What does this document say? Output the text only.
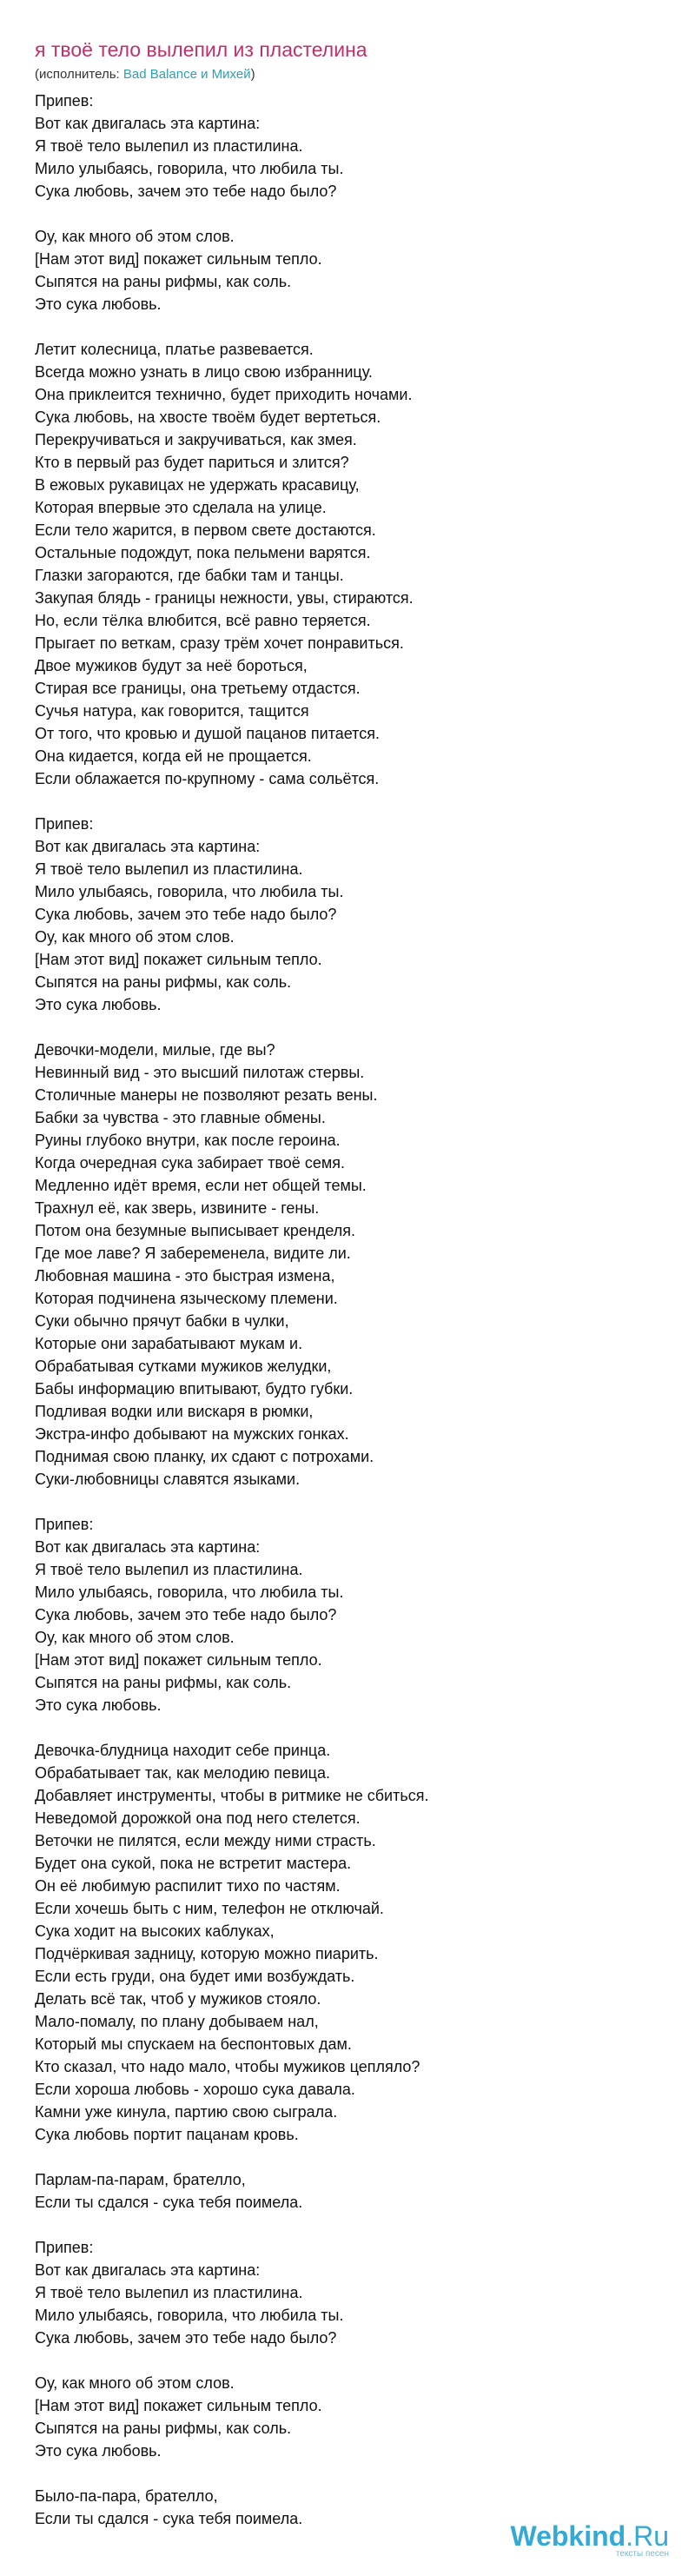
я твоё тело вылепил из пластелина
(исполнитель: Bad Balance и Михей)
Припев:
Вот как двигалась эта картина:
Я твоё тело вылепил из пластилина.
Мило улыбаясь, говорила, что любила ты.
Сука любовь, зачем это тебе надо было?
Оу, как много об этом слов.
[Нам этот вид] покажет сильным тепло.
Сыпятся на раны рифмы, как соль.
Это сука любовь.
Летит колесница, платье развевается.
Всегда можно узнать в лицо свою избранницу.
Она приклеится технично, будет приходить ночами.
Сука любовь, на хвосте твоём будет вертеться.
Перекручиваться и закручиваться, как змея.
Кто в первый раз будет париться и злится?
В ежовых рукавицах не удержать красавицу,
Которая впервые это сделала на улице.
Если тело жарится, в первом свете достаются.
Остальные подождут, пока пельмени варятся.
Глазки загораются, где бабки там и танцы.
Закупая блядь - границы нежности, увы, стираются.
Но, если тёлка влюбится, всё равно теряется.
Прыгает по веткам, сразу трём хочет понравиться.
Двое мужиков будут за неё бороться,
Стирая все границы, она третьему отдастся.
Сучья натура, как говорится, тащится
От того, что кровью и душой пацанов питается.
Она кидается, когда ей не прощается.
Если облажается по-крупному - сама сольётся.
Припев:
Вот как двигалась эта картина:
Я твоё тело вылепил из пластилина.
Мило улыбаясь, говорила, что любила ты.
Сука любовь, зачем это тебе надо было?
Оу, как много об этом слов.
[Нам этот вид] покажет сильным тепло.
Сыпятся на раны рифмы, как соль.
Это сука любовь.
Девочки-модели, милые, где вы?
Невинный вид - это высший пилотаж стервы.
Столичные манеры не позволяют резать вены.
Бабки за чувства - это главные обмены.
Руины глубоко внутри, как после героина.
Когда очередная сука забирает твоё семя.
Медленно идёт время, если нет общей темы.
Трахнул её, как зверь, извините - гены.
Потом она безумные выписывает кренделя.
Где мое лаве? Я забеременела, видите ли.
Любовная машина - это быстрая измена,
Которая подчинена языческому племени.
Суки обычно прячут бабки в чулки,
Которые они зарабатывают мукам и.
Обрабатывая сутками мужиков желудки,
Бабы информацию впитывают, будто губки.
Подливая водки или вискаря в рюмки,
Экстра-инфо добывают на мужских гонках.
Поднимая свою планку, их сдают с потрохами.
Суки-любовницы славятся языками.
Припев:
Вот как двигалась эта картина:
Я твоё тело вылепил из пластилина.
Мило улыбаясь, говорила, что любила ты.
Сука любовь, зачем это тебе надо было?
Оу, как много об этом слов.
[Нам этот вид] покажет сильным тепло.
Сыпятся на раны рифмы, как соль.
Это сука любовь.
Девочка-блудница находит себе принца.
Обрабатывает так, как мелодию певица.
Добавляет инструменты, чтобы в ритмике не сбиться.
Неведомой дорожкой она под него стелется.
Веточки не пилятся, если между ними страсть.
Будет она сукой, пока не встретит мастера.
Он её любимую распилит тихо по частям.
Если хочешь быть с ним, телефон не отключай.
Сука ходит на высоких каблуках,
Подчёркивая задницу, которую можно пиарить.
Если есть груди, она будет ими возбуждать.
Делать всё так, чтоб у мужиков стояло.
Мало-помалу, по плану добываем нал,
Который мы спускаем на беспонтовых дам.
Кто сказал, что надо мало, чтобы мужиков цепляло?
Если хороша любовь - хорошо сука давала.
Камни уже кинула, партию свою сыграла.
Сука любовь портит пацанам кровь.
Парлам-па-парам, брателло,
Если ты сдался - сука тебя поимела.
Припев:
Вот как двигалась эта картина:
Я твоё тело вылепил из пластилина.
Мило улыбаясь, говорила, что любила ты.
Сука любовь, зачем это тебе надо было?
Оу, как много об этом слов.
[Нам этот вид] покажет сильным тепло.
Сыпятся на раны рифмы, как соль.
Это сука любовь.
Было-па-пара, брателло,
Если ты сдался - сука тебя поимела.
Webkind.Ru
тексты песен
